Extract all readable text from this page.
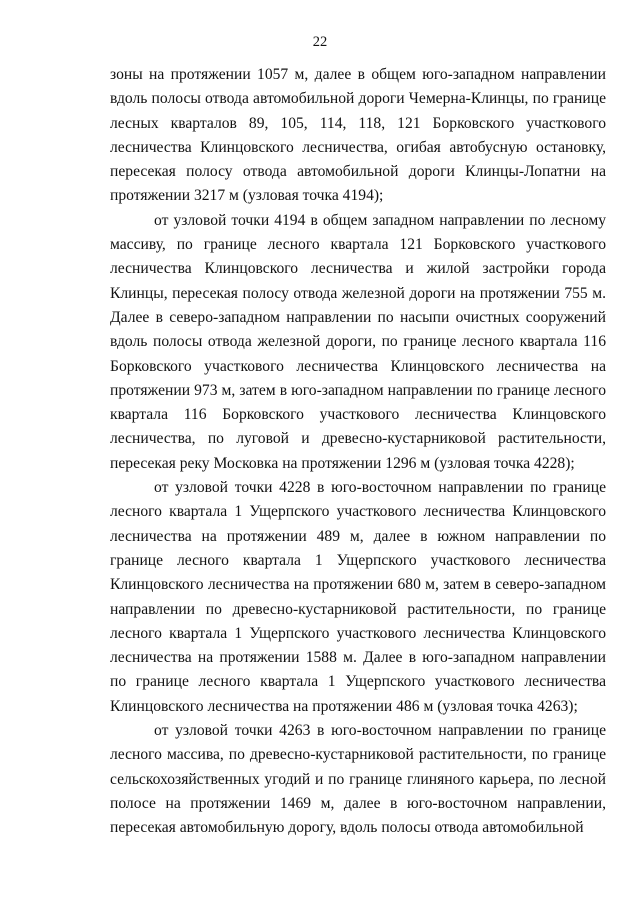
22

зоны на протяжении 1057 м, далее в общем юго-западном направлении вдоль полосы отвода автомобильной дороги Чемерна-Клинцы, по границе лесных кварталов 89, 105, 114, 118, 121 Борковского участкового лесничества Клинцовского лесничества, огибая автобусную остановку, пересекая полосу отвода автомобильной дороги Клинцы-Лопатни на протяжении 3217 м (узловая точка 4194);

от узловой точки 4194 в общем западном направлении по лесному массиву, по границе лесного квартала 121 Борковского участкового лесничества Клинцовского лесничества и жилой застройки города Клинцы, пересекая полосу отвода железной дороги на протяжении 755 м. Далее в северо-западном направлении по насыпи очистных сооружений вдоль полосы отвода железной дороги, по границе лесного квартала 116 Борковского участкового лесничества Клинцовского лесничества на протяжении 973 м, затем в юго-западном направлении по границе лесного квартала 116 Борковского участкового лесничества Клинцовского лесничества, по луговой и древесно-кустарниковой растительности, пересекая реку Московка на протяжении 1296 м (узловая точка 4228);

от узловой точки 4228 в юго-восточном направлении по границе лесного квартала 1 Ущерпского участкового лесничества Клинцовского лесничества на протяжении 489 м, далее в южном направлении по границе лесного квартала 1 Ущерпского участкового лесничества Клинцовского лесничества на протяжении 680 м, затем в северо-западном направлении по древесно-кустарниковой растительности, по границе лесного квартала 1 Ущерпского участкового лесничества Клинцовского лесничества на протяжении 1588 м. Далее в юго-западном направлении по границе лесного квартала 1 Ущерпского участкового лесничества Клинцовского лесничества на протяжении 486 м (узловая точка 4263);

от узловой точки 4263 в юго-восточном направлении по границе лесного массива, по древесно-кустарниковой растительности, по границе сельскохозяйственных угодий и по границе глиняного карьера, по лесной полосе на протяжении 1469 м, далее в юго-восточном направлении, пересекая автомобильную дорогу, вдоль полосы отвода автомобильной
